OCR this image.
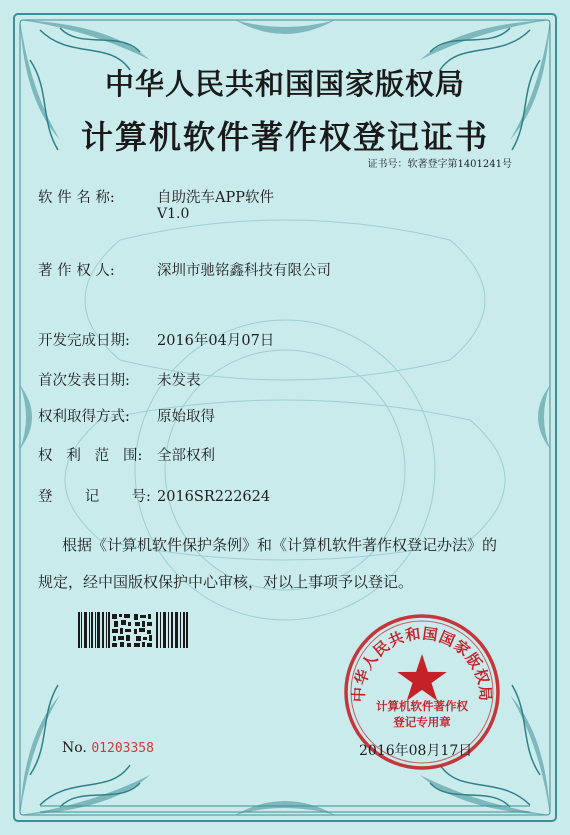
中华人民共和国国家版权局
计算机软件著作权登记证书
证书号：软著登字第1401241号
软 件 名 称:	自助洗车APP软件
V1.0
著 作 权 人:	深圳市驰铭鑫科技有限公司
开发完成日期: 2016年04月07日
首次发表日期: 未发表
权利取得方式: 原始取得
权   利   范   围: 全部权利
登       记       号: 2016SR222624
根据《计算机软件保护条例》和《计算机软件著作权登记办法》的
规定，经中国版权保护中心审核，对以上事项予以登记。
No. 01203358
中华人民共和国国家版权局
计算机软件著作权
登记专用章
2016年08月17日
